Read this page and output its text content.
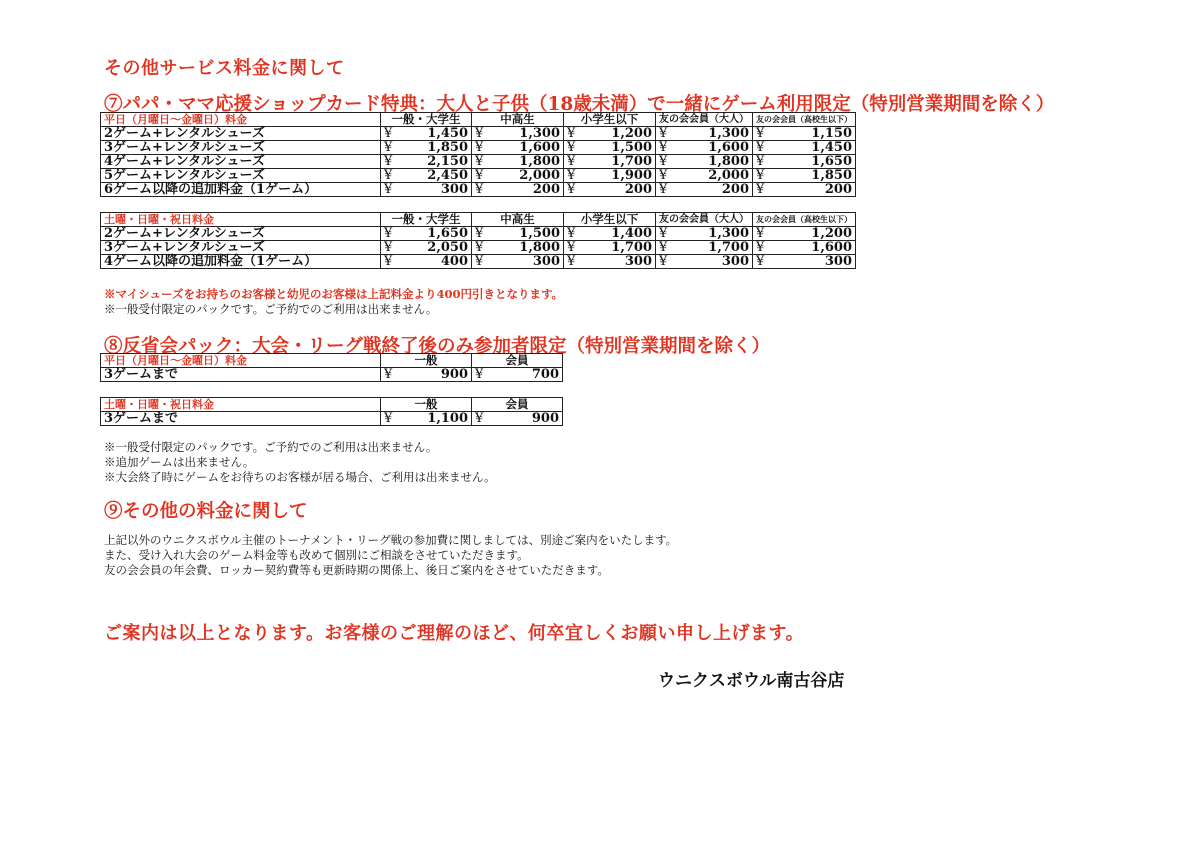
その他サービス料金に関して
⑦パパ・ママ応援ショップカード特典：大人と子供（18歳未満）で一緒にゲーム利用限定（特別営業期間を除く）
平日（月曜日～金曜日）料金	一般・大学生	中高生	小学生以下	友の会会員（大人）	友の会会員（高校生以下）
2ゲーム+レンタルシューズ	¥ 1,450	¥ 1,300	¥ 1,200	¥ 1,300	¥ 1,150

3ゲーム+レンタルシューズ	¥ 1,850	¥ 1,600	¥ 1,500	¥ 1,600	¥ 1,450

4ゲーム+レンタルシューズ	¥ 2,150	¥ 1,800	¥ 1,700	¥ 1,800	¥ 1,650

5ゲーム+レンタルシューズ	¥ 2,450	¥ 2,000	¥ 1,900	¥ 2,000	¥ 1,850

6ゲーム以降の追加料金（1ゲーム）	¥ 300	¥ 200	¥ 200	¥ 200	¥ 200
土曜・日曜・祝日料金	一般・大学生	中高生	小学生以下	友の会会員（大人）	友の会会員（高校生以下）
2ゲーム+レンタルシューズ	¥ 1,650	¥ 1,500	¥ 1,400	¥ 1,300	¥ 1,200

3ゲーム+レンタルシューズ	¥ 2,050	¥ 1,800	¥ 1,700	¥ 1,700	¥ 1,600

4ゲーム以降の追加料金（1ゲーム）	¥ 400	¥ 300	¥ 300	¥ 300	¥ 300
※マイシューズをお持ちのお客様と幼児のお客様は上記料金より400円引きとなります。
※一般受付限定のパックです。ご予約でのご利用は出来ません。
⑧反省会パック：大会・リーグ戦終了後のみ参加者限定（特別営業期間を除く）
平日（月曜日～金曜日）料金	一般	会員
3ゲームまで	¥ 900	¥ 700
土曜・日曜・祝日料金	一般	会員
3ゲームまで	¥ 1,100	¥ 900
※一般受付限定のパックです。ご予約でのご利用は出来ません。
※追加ゲームは出来ません。
※大会終了時にゲームをお待ちのお客様が居る場合、ご利用は出来ません。
⑨その他の料金に関して
上記以外のウニクスボウル主催のトーナメント・リーグ戦の参加費に関しましては、別途ご案内をいたします。
また、受け入れ大会のゲーム料金等も改めて個別にご相談をさせていただきます。
友の会会員の年会費、ロッカー契約費等も更新時期の関係上、後日ご案内をさせていただきます。
ご案内は以上となります。お客様のご理解のほど、何卒宜しくお願い申し上げます。
ウニクスボウル南古谷店
